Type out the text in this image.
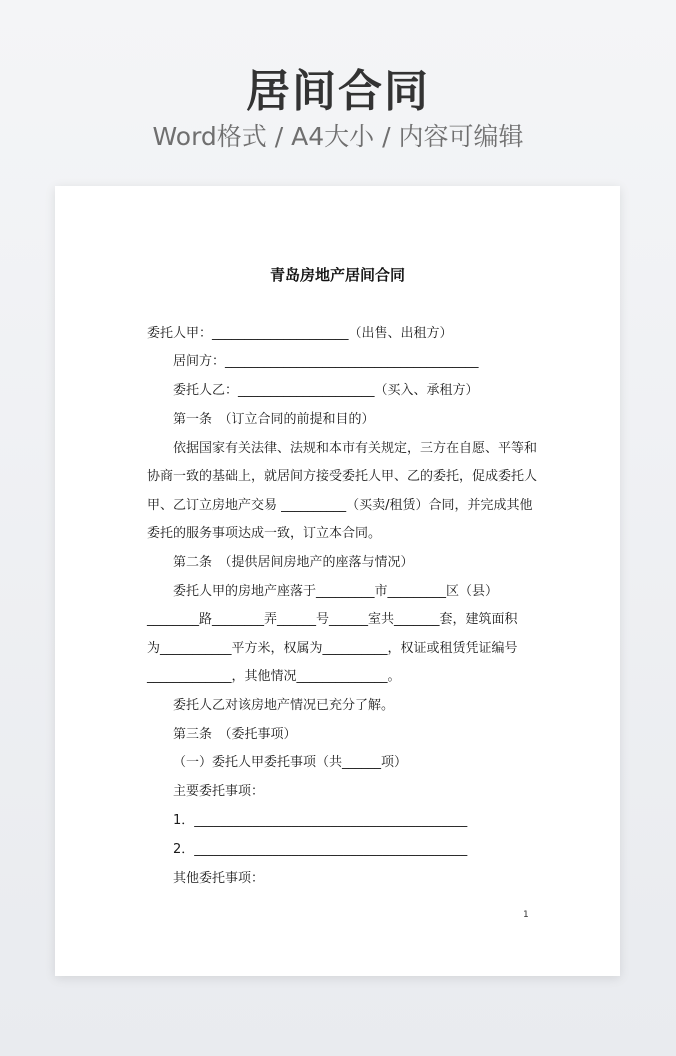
居间合同
Word格式 / A4大小 / 内容可编辑
青岛房地产居间合同
委托人甲：_____________________（出售、出租方）
居间方：_______________________________________
委托人乙：_____________________（买入、承租方）
第一条　（订立合同的前提和目的）
依据国家有关法律、法规和本市有关规定，三方在自愿、平等和
协商一致的基础上，就居间方接受委托人甲、乙的委托，促成委托人
甲、乙订立房地产交易 __________（买卖/租赁）合同，并完成其他
委托的服务事项达成一致，订立本合同。
第二条　（提供居间房地产的座落与情况）
委托人甲的房地产座落于_________市_________区（县）
________路________弄______号______室共_______套，建筑面积
为___________平方米，权属为__________，权证或租赁凭证编号
_____________，其他情况______________。
委托人乙对该房地产情况已充分了解。
第三条　（委托事项）
（一）委托人甲委托事项（共______项）
主要委托事项：
1．__________________________________________
2．__________________________________________
其他委托事项：
1
